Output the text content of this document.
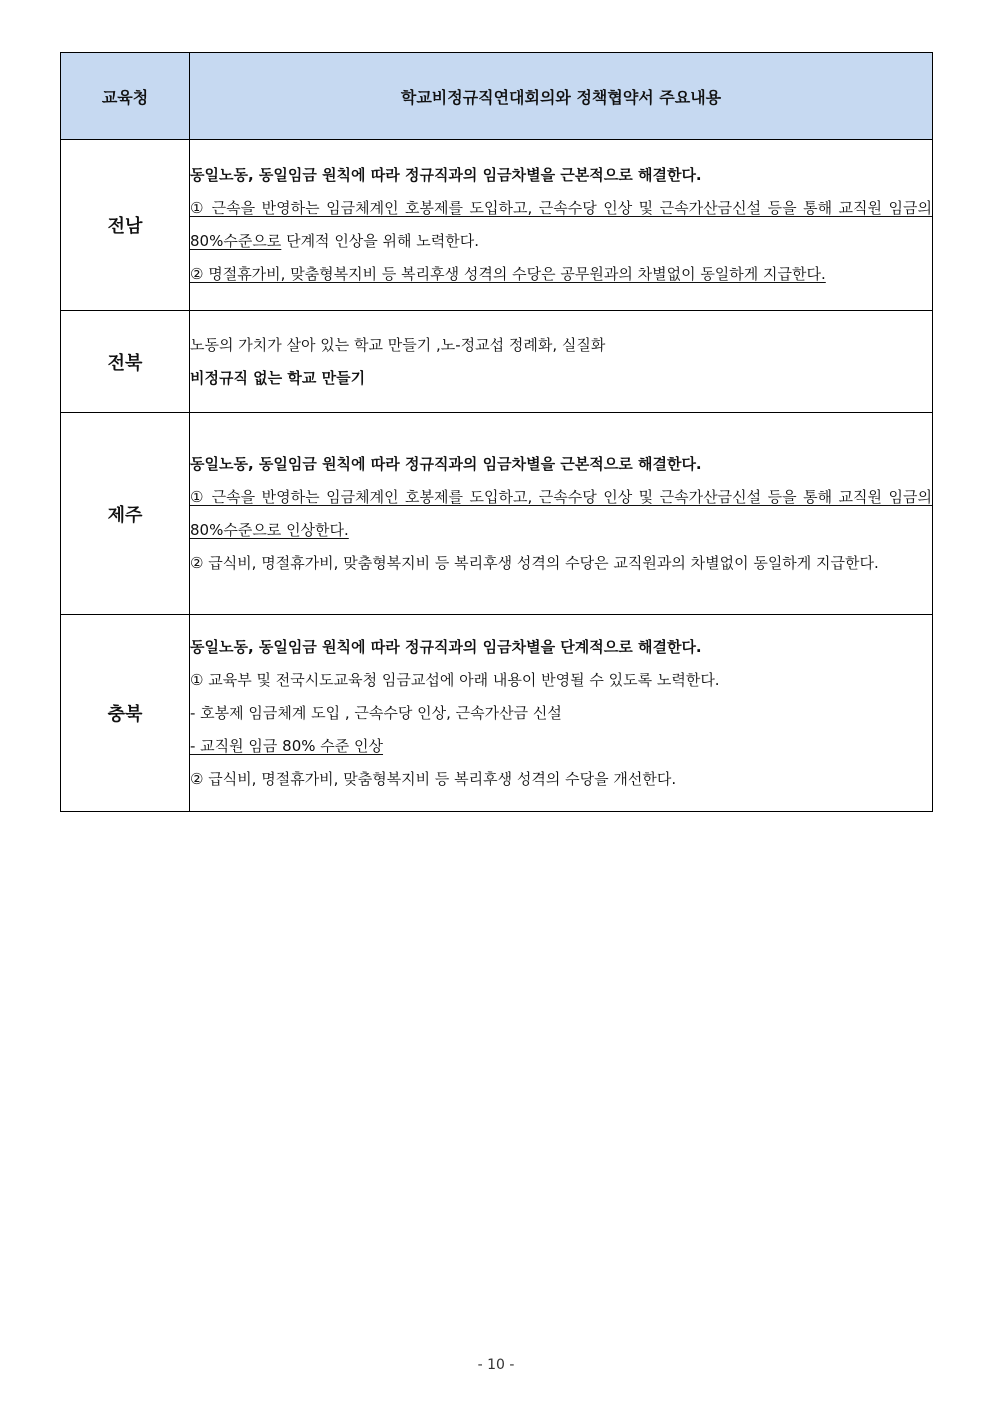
교육청	학교비정규직연대회의와 정책협약서 주요내용
전남	동일노동, 동일임금 원칙에 따라 정규직과의 임금차별을 근본적으로 해결한다.
① 근속을 반영하는 임금체계인 호봉제를 도입하고, 근속수당 인상 및 근속가산금신설 등을 통해 교직원 임금의 80%수준으로 단계적 인상을 위해 노력한다.
② 명절휴가비, 맞춤형복지비 등 복리후생 성격의 수당은 공무원과의 차별없이 동일하게 지급한다.

전북	노동의 가치가 살아 있는 학교 만들기 ,노-정교섭 정례화, 실질화
비정규직 없는 학교 만들기

제주	동일노동, 동일임금 원칙에 따라 정규직과의 임금차별을 근본적으로 해결한다.
① 근속을 반영하는 임금체계인 호봉제를 도입하고, 근속수당 인상 및 근속가산금신설 등을 통해 교직원 임금의 80%수준으로 인상한다.
② 급식비, 명절휴가비, 맞춤형복지비 등 복리후생 성격의 수당은 교직원과의 차별없이 동일하게 지급한다.

충북	동일노동, 동일임금 원칙에 따라 정규직과의 임금차별을 단계적으로 해결한다.
① 교육부 및 전국시도교육청 임금교섭에 아래 내용이 반영될 수 있도록 노력한다.
- 호봉제 임금체계 도입 , 근속수당 인상, 근속가산금 신설
- 교직원 임금 80% 수준 인상
② 급식비, 명절휴가비, 맞춤형복지비 등 복리후생 성격의 수당을 개선한다.
- 10 -
